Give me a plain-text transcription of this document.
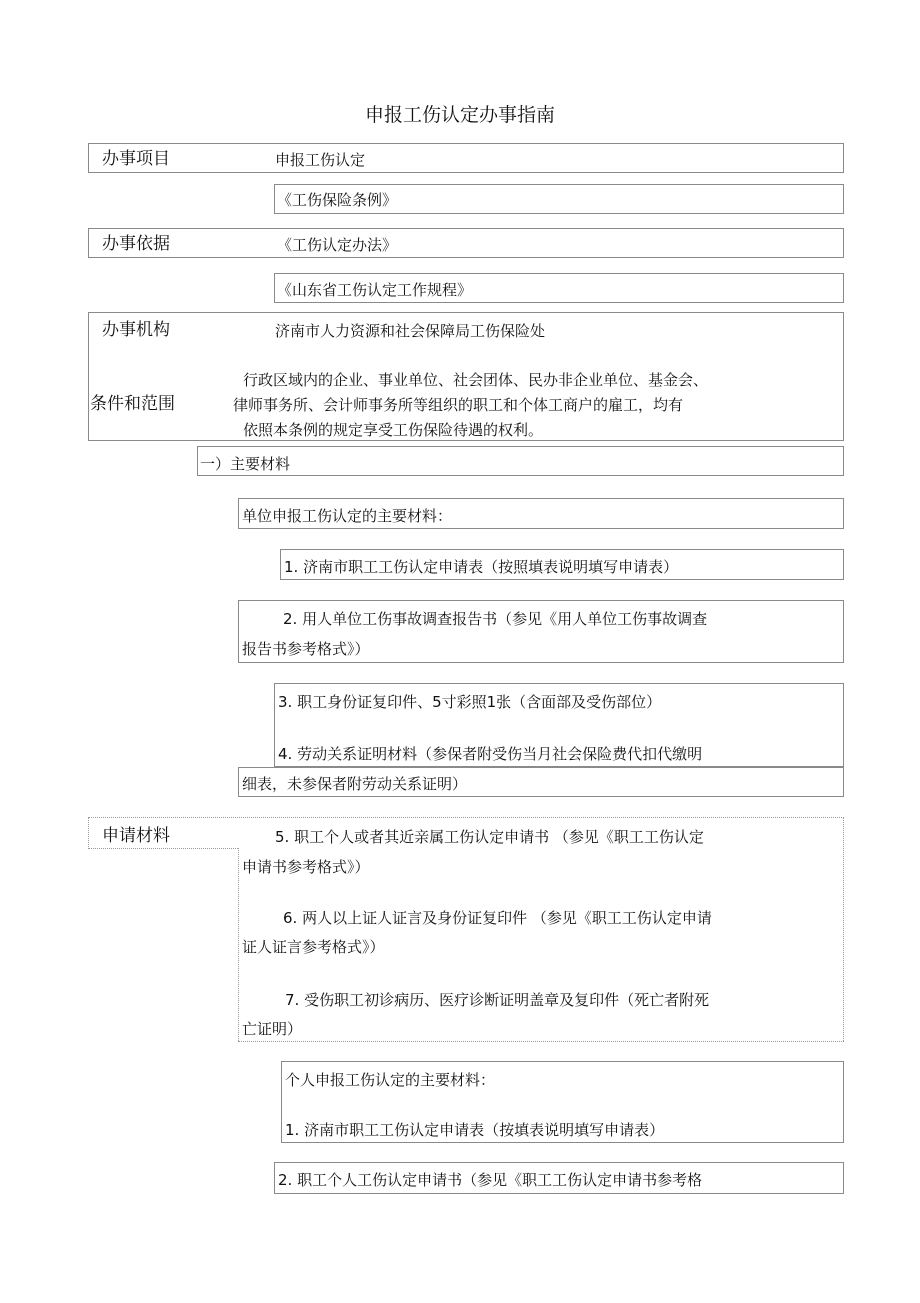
申报工伤认定办事指南
办事项目	申报工伤认定
《工伤保险条例》
办事依据	《工伤认定办法》
《山东省工伤认定工作规程》
办事机构	济南市人力资源和社会保障局工伤保险处
条件和范围
行政区域内的企业、事业单位、社会团体、民办非企业单位、基金会、
律师事务所、会计师事务所等组织的职工和个体工商户的雇工，均有
依照本条例的规定享受工伤保险待遇的权利。
一）主要材料
单位申报工伤认定的主要材料：
1. 济南市职工工伤认定申请表（按照填表说明填写申请表）
2. 用人单位工伤事故调查报告书（参见《用人单位工伤事故调查
报告书参考格式》）
3. 职工身份证复印件、5寸彩照1张（含面部及受伤部位）
4. 劳动关系证明材料（参保者附受伤当月社会保险费代扣代缴明
细表，未参保者附劳动关系证明）
申请材料	5. 职工个人或者其近亲属工伤认定申请书 （参见《职工工伤认定
申请书参考格式》）
6. 两人以上证人证言及身份证复印件 （参见《职工工伤认定申请
证人证言参考格式》）
7. 受伤职工初诊病历、医疗诊断证明盖章及复印件（死亡者附死
亡证明）
个人申报工伤认定的主要材料：
1. 济南市职工工伤认定申请表（按填表说明填写申请表）
2. 职工个人工伤认定申请书（参见《职工工伤认定申请书参考格
